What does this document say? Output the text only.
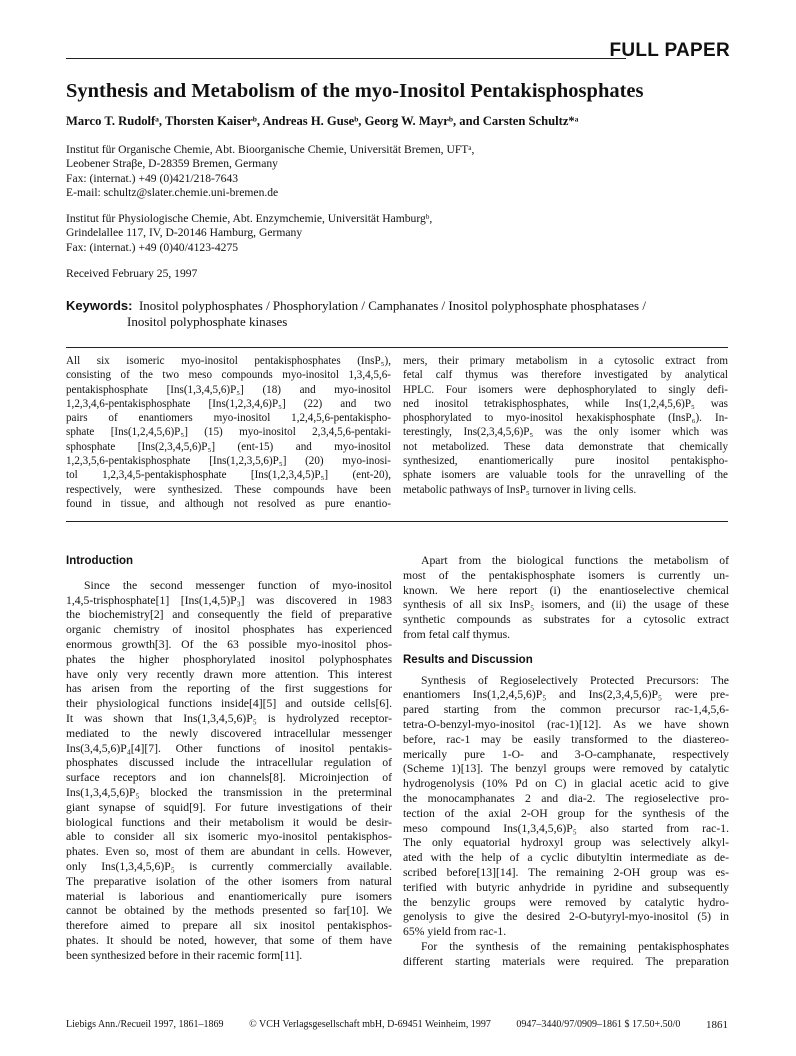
FULL PAPER
Synthesis and Metabolism of the myo-Inositol Pentakisphosphates
Marco T. Rudolfᵃ, Thorsten Kaiserᵇ, Andreas H. Guseᵇ, Georg W. Mayrᵇ, and Carsten Schultz*ᵃ
Institut für Organische Chemie, Abt. Bioorganische Chemie, Universität Bremen, UFTᵃ,
Leobener Straβe, D-28359 Bremen, Germany
Fax: (internat.) +49 (0)421/218-7643
E-mail: schultz@slater.chemie.uni-bremen.de
Institut für Physiologische Chemie, Abt. Enzymchemie, Universität Hamburgᵇ,
Grindelallee 117, IV, D-20146 Hamburg, Germany
Fax: (internat.) +49 (0)40/4123-4275
Received February 25, 1997
Keywords: Inositol polyphosphates / Phosphorylation / Camphanates / Inositol polyphosphate phosphatases /
Inositol polyphosphate kinases
All six isomeric myo-inositol pentakisphosphates (InsP₅),
consisting of the two meso compounds myo-inositol 1,3,4,5,6-
pentakisphosphate [Ins(1,3,4,5,6)P₅] (18) and myo-inositol
1,2,3,4,6-pentakisphosphate [Ins(1,2,3,4,6)P₅] (22) and two
pairs of enantiomers myo-inositol 1,2,4,5,6-pentakispho-
sphate [Ins(1,2,4,5,6)P₅] (15) myo-inositol 2,3,4,5,6-pentaki-
sphosphate [Ins(2,3,4,5,6)P₅] (ent-15) and myo-inositol
1,2,3,5,6-pentakisphosphate [Ins(1,2,3,5,6)P₅] (20) myo-inosi-
tol 1,2,3,4,5-pentakisphosphate [Ins(1,2,3,4,5)P₅] (ent-20),
respectively, were synthesized. These compounds have been
found in tissue, and although not resolved as pure enantio-
mers, their primary metabolism in a cytosolic extract from
fetal calf thymus was therefore investigated by analytical
HPLC. Four isomers were dephosphorylated to singly defi-
ned inositol tetrakisphosphates, while Ins(1,2,4,5,6)P₅ was
phosphorylated to myo-inositol hexakisphosphate (InsP₆). In-
terestingly, Ins(2,3,4,5,6)P₅ was the only isomer which was
not metabolized. These data demonstrate that chemically
synthesized, enantiomerically pure inositol pentakispho-
sphate isomers are valuable tools for the unravelling of the
metabolic pathways of InsP₅ turnover in living cells.
Introduction
Since the second messenger function of myo-inositol
1,4,5-trisphosphate[1] [Ins(1,4,5)P₃] was discovered in 1983
the biochemistry[2] and consequently the field of preparative
organic chemistry of inositol phosphates has experienced
enormous growth[3]. Of the 63 possible myo-inositol phos-
phates the higher phosphorylated inositol polyphosphates
have only very recently drawn more attention. This interest
has arisen from the reporting of the first suggestions for
their physiological functions inside[4][5] and outside cells[6].
It was shown that Ins(1,3,4,5,6)P₅ is hydrolyzed receptor-
mediated to the newly discovered intracellular messenger
Ins(3,4,5,6)P₄[4][7]. Other functions of inositol pentakis-
phosphates discussed include the intracellular regulation of
surface receptors and ion channels[8]. Microinjection of
Ins(1,3,4,5,6)P₅ blocked the transmission in the preterminal
giant synapse of squid[9]. For future investigations of their
biological functions and their metabolism it would be desir-
able to consider all six isomeric myo-inositol pentakisphos-
phates. Even so, most of them are abundant in cells. However,
only Ins(1,3,4,5,6)P₅ is currently commercially available.
The preparative isolation of the other isomers from natural
material is laborious and enantiomerically pure isomers
cannot be obtained by the methods presented so far[10]. We
therefore aimed to prepare all six inositol pentakisphos-
phates. It should be noted, however, that some of them have
been synthesized before in their racemic form[11].
Apart from the biological functions the metabolism of
most of the pentakisphosphate isomers is currently un-
known. We here report (i) the enantioselective chemical
synthesis of all six InsP₅ isomers, and (ii) the usage of these
synthetic compounds as substrates for a cytosolic extract
from fetal calf thymus.
Results and Discussion
Synthesis of Regioselectively Protected Precursors: The
enantiomers Ins(1,2,4,5,6)P₅ and Ins(2,3,4,5,6)P₅ were pre-
pared starting from the common precursor rac-1,4,5,6-
tetra-O-benzyl-myo-inositol (rac-1)[12]. As we have shown
before, rac-1 may be easily transformed to the diastereo-
merically pure 1-O- and 3-O-camphanate, respectively
(Scheme 1)[13]. The benzyl groups were removed by catalytic
hydrogenolysis (10% Pd on C) in glacial acetic acid to give
the monocamphanates 2 and dia-2. The regioselective pro-
tection of the axial 2-OH group for the synthesis of the
meso compound Ins(1,3,4,5,6)P₅ also started from rac-1.
The only equatorial hydroxyl group was selectively alkyl-
ated with the help of a cyclic dibutyltin intermediate as de-
scribed before[13][14]. The remaining 2-OH group was es-
terified with butyric anhydride in pyridine and subsequently
the benzylic groups were removed by catalytic hydro-
genolysis to give the desired 2-O-butyryl-myo-inositol (5) in
65% yield from rac-1.
For the synthesis of the remaining pentakisphosphates
different starting materials were required. The preparation
Liebigs Ann./Recueil 1997, 1861–1869	© VCH Verlagsgesellschaft mbH, D-69451 Weinheim, 1997	0947–3440/97/0909–1861 $ 17.50+.50/0 1861
